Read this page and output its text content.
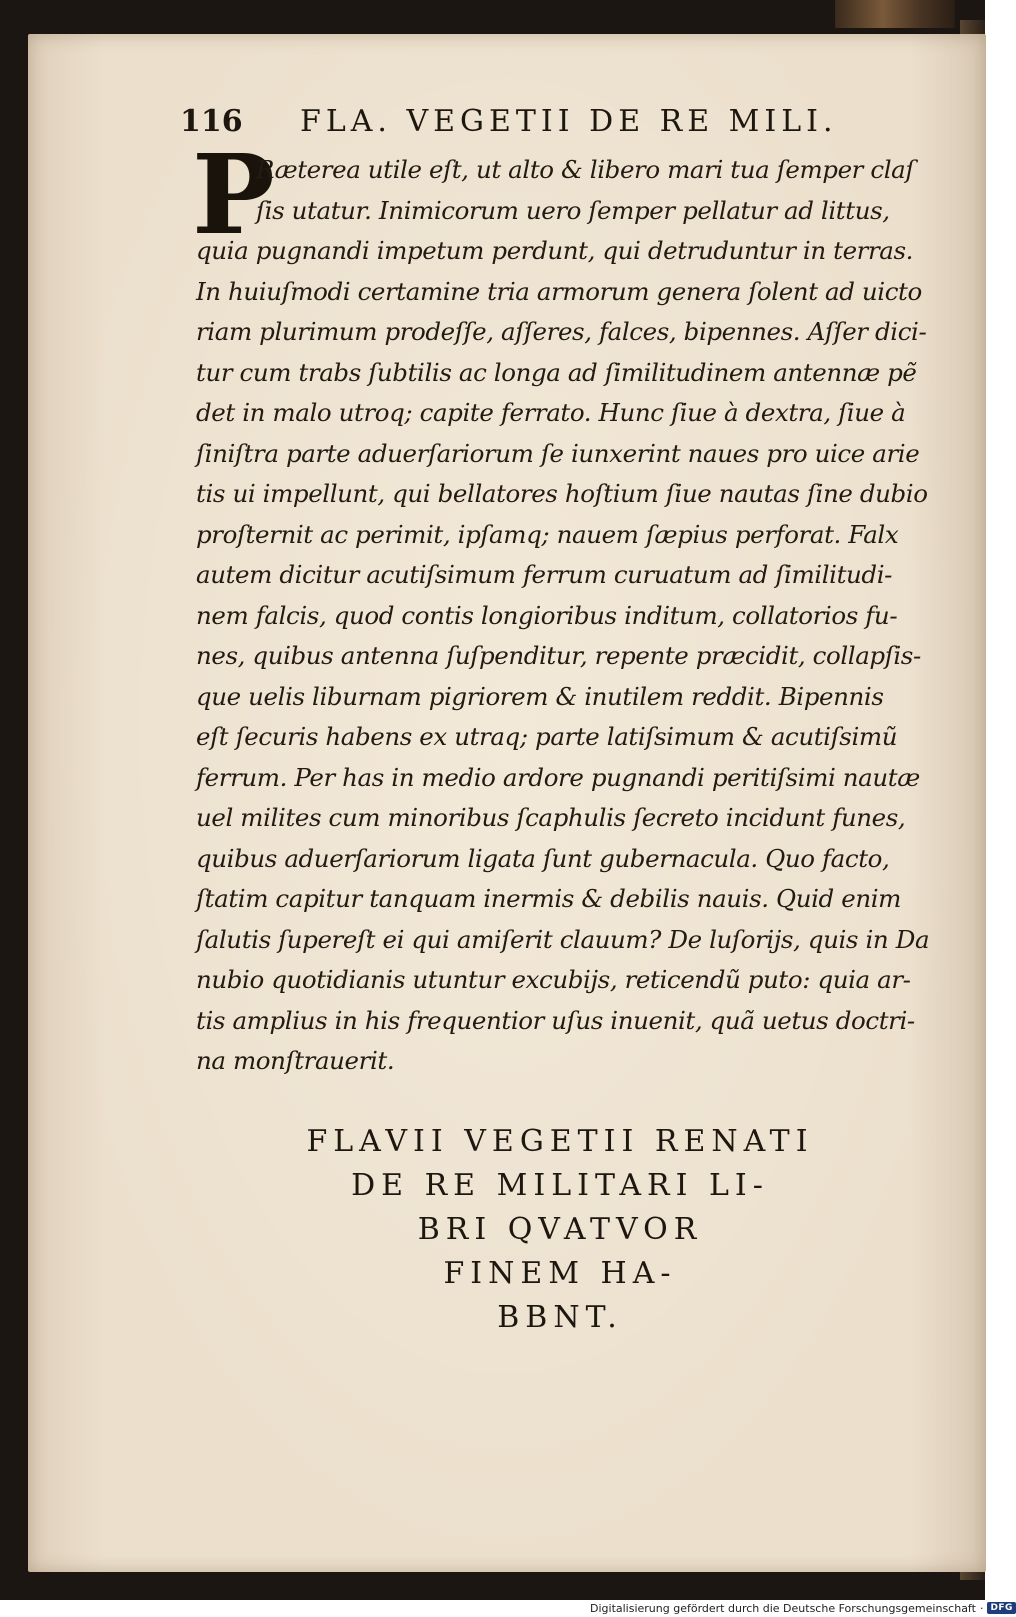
116 FLA. VEGETII DE RE MILI.
P
Ræterea utile eſt, ut alto & libero mari tua ſemper claſ
ſis utatur. Inimicorum uero ſemper pellatur ad littus,
quia pugnandi impetum perdunt, qui detruduntur in terras.
In huiuſmodi certamine tria armorum genera ſolent ad uicto
riam plurimum prodeſſe, aſſeres, falces, bipennes. Aſſer dici-
tur cum trabs ſubtilis ac longa ad ſimilitudinem antennæ pẽ
det in malo utroq; capite ferrato. Hunc ſiue à dextra, ſiue à
ſiniſtra parte aduerſariorum ſe iunxerint naues pro uice arie
tis ui impellunt, qui bellatores hoſtium ſiue nautas ſine dubio
proſternit ac perimit, ipſamq; nauem ſæpius perforat. Falx
autem dicitur acutiſsimum ferrum curuatum ad ſimilitudi-
nem falcis, quod contis longioribus inditum, collatorios fu-
nes, quibus antenna ſuſpenditur, repente præcidit, collapſis-
que uelis liburnam pigriorem & inutilem reddit. Bipennis
eſt ſecuris habens ex utraq; parte latiſsimum & acutiſsimũ
ferrum. Per has in medio ardore pugnandi peritiſsimi nautæ
uel milites cum minoribus ſcaphulis ſecreto incidunt funes,
quibus aduerſariorum ligata ſunt gubernacula. Quo facto,
ſtatim capitur tanquam inermis & debilis nauis. Quid enim
ſalutis ſupereſt ei qui amiſerit clauum? De luſorijs, quis in Da
nubio quotidianis utuntur excubijs, reticendũ puto: quia ar-
tis amplius in his frequentior uſus inuenit, quã uetus doctri-
na monſtrauerit.
FLAVII VEGETII RENATI
DE RE MILITARI LI-
BRI QVATVOR
FINEM HA-
BBNT.
Digitalisierung gefördert durch die Deutsche Forschungsgemeinschaft · DFG
